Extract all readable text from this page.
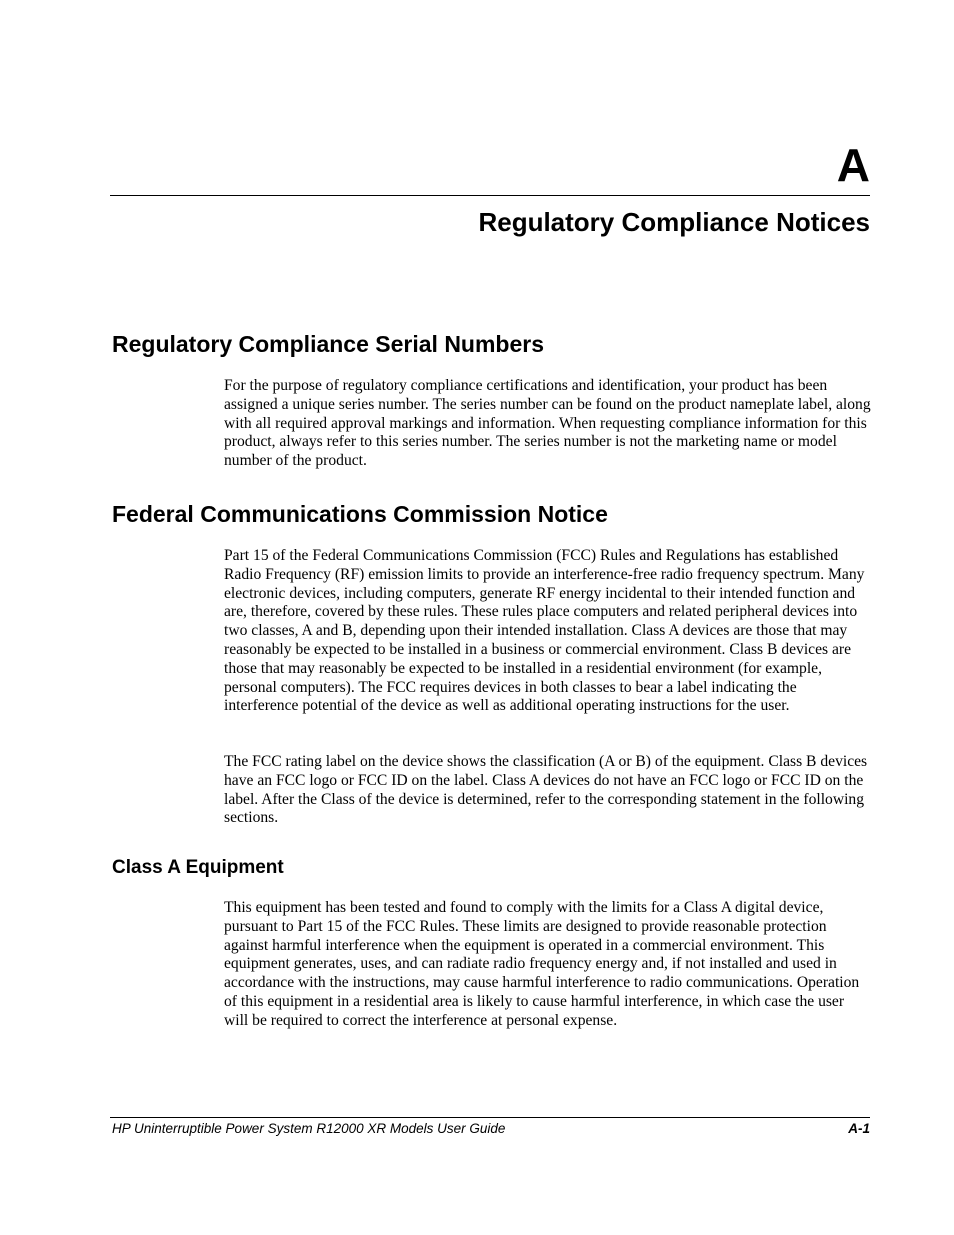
A
Regulatory Compliance Notices
Regulatory Compliance Serial Numbers

For the purpose of regulatory compliance certifications and identification, your product has been assigned a unique series number. The series number can be found on the product nameplate label, along with all required approval markings and information. When requesting compliance information for this product, always refer to this series number. The series number is not the marketing name or model number of the product.

Federal Communications Commission Notice

Part 15 of the Federal Communications Commission (FCC) Rules and Regulations has established Radio Frequency (RF) emission limits to provide an interference-free radio frequency spectrum. Many electronic devices, including computers, generate RF energy incidental to their intended function and are, therefore, covered by these rules. These rules place computers and related peripheral devices into two classes, A and B, depending upon their intended installation. Class A devices are those that may reasonably be expected to be installed in a business or commercial environment. Class B devices are those that may reasonably be expected to be installed in a residential environment (for example, personal computers). The FCC requires devices in both classes to bear a label indicating the interference potential of the device as well as additional operating instructions for the user.

The FCC rating label on the device shows the classification (A or B) of the equipment. Class B devices have an FCC logo or FCC ID on the label. Class A devices do not have an FCC logo or FCC ID on the label. After the Class of the device is determined, refer to the corresponding statement in the following sections.

Class A Equipment

This equipment has been tested and found to comply with the limits for a Class A digital device, pursuant to Part 15 of the FCC Rules. These limits are designed to provide reasonable protection against harmful interference when the equipment is operated in a commercial environment. This equipment generates, uses, and can radiate radio frequency energy and, if not installed and used in accordance with the instructions, may cause harmful interference to radio communications. Operation of this equipment in a residential area is likely to cause harmful interference, in which case the user will be required to correct the interference at personal expense.

HP Uninterruptible Power System R12000 XR Models User Guide	A-1
